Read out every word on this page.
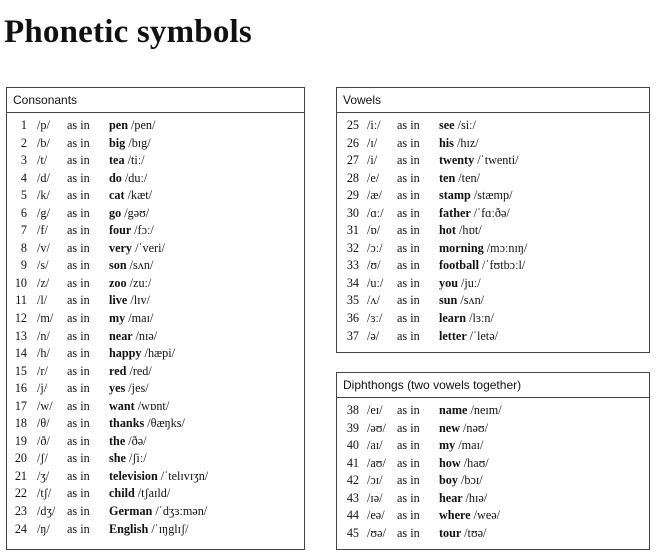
Phonetic symbols
Consonants
1 /p/ as in pen /pen/
2 /b/ as in big /bɪg/
3 /t/ as in tea /tiː/
4 /d/ as in do /duː/
5 /k/ as in cat /kæt/
6 /g/ as in go /gəʊ/
7 /f/ as in four /fɔː/
8 /v/ as in very /ˈveri/
9 /s/ as in son /sʌn/
10 /z/ as in zoo /zuː/
11 /l/ as in live /lɪv/
12 /m/ as in my /maɪ/
13 /n/ as in near /nɪə/
14 /h/ as in happy /hæpi/
15 /r/ as in red /red/
16 /j/ as in yes /jes/
17 /w/ as in want /wɒnt/
18 /θ/ as in thanks /θæŋks/
19 /ð/ as in the /ðə/
20 /ʃ/ as in she /ʃiː/
21 /ʒ/ as in television /ˈtelɪvɪʒn/
22 /tʃ/ as in child /tʃaɪld/
23 /dʒ/ as in German /ˈdʒɜːmən/
24 /ŋ/ as in English /ˈɪŋglɪʃ/
Vowels
25 /iː/ as in see /siː/
26 /ɪ/ as in his /hɪz/
27 /i/ as in twenty /ˈtwenti/
28 /e/ as in ten /ten/
29 /æ/ as in stamp /stæmp/
30 /ɑː/ as in father /ˈfɑːðə/
31 /ɒ/ as in hot /hɒt/
32 /ɔː/ as in morning /mɔːnɪŋ/
33 /ʊ/ as in football /ˈfʊtbɔːl/
34 /uː/ as in you /juː/
35 /ʌ/ as in sun /sʌn/
36 /ɜː/ as in learn /lɜːn/
37 /ə/ as in letter /ˈletə/
Diphthongs (two vowels together)
38 /eɪ/ as in name /neɪm/
39 /əʊ/ as in new /nəʊ/
40 /aɪ/ as in my /maɪ/
41 /aʊ/ as in how /haʊ/
42 /ɔɪ/ as in boy /bɔɪ/
43 /ɪə/ as in hear /hɪə/
44 /eə/ as in where /weə/
45 /ʊə/ as in tour /tʊə/
